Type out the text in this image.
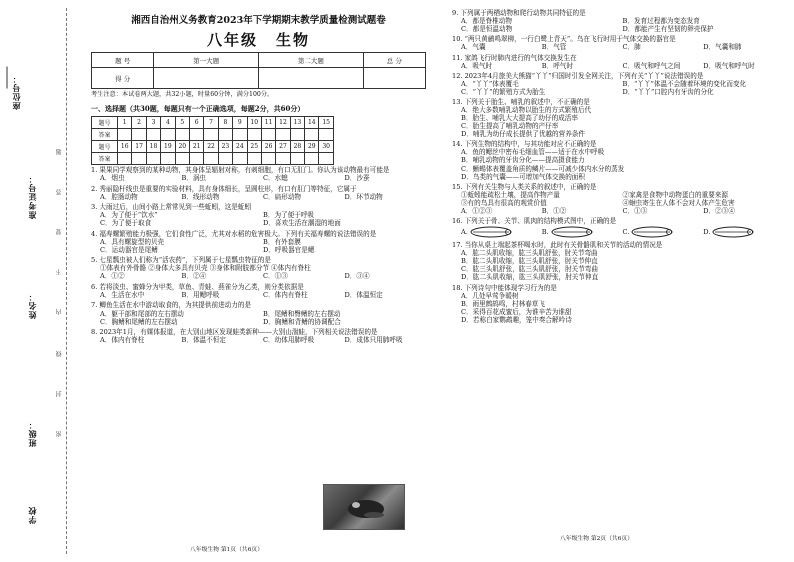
座位号：
准考证号：
姓名：
班级：
学校
题
答
要
不
内
线
封
密
湘西自治州义务教育2023年下学期期末教学质量检测试题卷
八年级 生物
题 号	第一大题	第二大题	总 分
得 分			
考生注意：本试卷两大题，共32小题，时量60分钟，满分100分。
一、选择题（共30题，每题只有一个正确选项，每题2分，共60分）
题号	1	2	3	4	5	6	7	8	9	10	11	12	13	14	15
答案															
题号	16	17	18	19	20	21	22	23	24	25	26	27	28	29	30
答案															
1. 果果同学观察到的某种动物，其身体呈辐射对称，有刺细胞，有口无肛门。你认为该动物最有可能是
A．烟虫	B．涡虫	C．水螅	D．沙蚕
2. 秀丽隐杆线虫是重要的实验材料，具有身体细长，呈圆柱形，有口有肛门等特征，它属于
A．腔肠动物	B．线形动物	C．扁形动物	D．环节动物
3. 大雨过后，山间小路上常常见到一些蚯蚓，这是蚯蚓
A．为了便于“饮水”	B．为了便于呼吸
C．为了便于取食	D．喜欢生活在潮湿的地面
4. 福寿螺繁殖能力极强，它们食性广泛，尤其对水稻的危害极大。下列有关福寿螺的说法错误的是
A．具有螺旋型的贝壳	B．有外套膜
C．运动器官是尾鳍	D．呼吸器官是鳃
5. 七星瓢虫被人们称为“活农药”，下列属于七星瓢虫特征的是
①体表有外骨骼 ②身体大多具有贝壳 ③身体和附肢都分节 ④体内有脊柱
A．①②	B．②④	C．①③	D．③④
6. 若将淡虫、蜜蜂分为甲类，草鱼、青蛙、燕雀分为乙类，则分类依据是
A．生活在水中	B．用鳃呼吸	C．体内有脊柱	D．体温恒定
7. 鲫鱼生活在水中游动取食的，为其提供前进动力的是
A．躯干部和尾部的左右摆动	B．尾鳍和臀鳍的左右摆动
C．胸鳍和尾鳍的左右摆动	D．胸鳍和背鳍的协调配合
8. 2023年1月，有媒体报道，在大别山地区发现蛙类新种——大别山湍蛙，下列相关说法错误的是
A．体内有脊柱	B．体温不恒定	C．幼体用肺呼吸	D．成体只用肺呼吸
八年级生物 第1页（共6页）
9. 下列属于两栖动物和爬行动物共同特征的是
A．都是脊椎动物	B．发育过程都为变态发育
C．都是恒温动物	D．都能产生有坚韧的卵壳保护
10. “两只黄鹂鸣翠柳，一行白鹭上青天”。鸟在飞行时用于气体交换的器官是
A．气囊	B．气管	C．肺	D．气囊和肺
11. 家鸽飞行时肺内进行的气体交换发生在
A．吸气时	B．呼气时	C．吸气和呼气之间	D．吸气和呼气时
12. 2023年4月旅美大熊猫“丫丫”归国时引发全网关注，下列有关“丫丫”说法错误的是
A．“丫丫”体表覆毛	B．“丫丫”体温不会随着环境的变化而变化
C．“丫丫”的繁殖方式为胎生	D．“丫丫”口腔内有牙齿的分化
13. 下列关于胎生、哺乳的叙述中，不正确的是
A．绝大多数哺乳动物以胎生的方式繁殖后代
B．胎生、哺乳大大提高了幼仔的成活率
C．胎生提高了哺乳动物的产仔率
D．哺乳为幼仔成长提供了优越的营养条件
14. 下列生物的结构中，与其功能对应不正确的是
A．鱼的鳃丝中密布毛细血管——适于在水中呼吸
B．哺乳动物的牙齿分化——提高摄食能力
C．蜥蜴体表覆盖角质的鳞片——可减少体内水分的蒸发
D．鸟类的气囊——可增加气体交换的面积
15. 下列有关生物与人类关系的叙述中，正确的是
①蚯蚓能疏松土壤，提高作物产量	②家禽是食物中动物蛋白的重要来源
③有的鸟具有很高的观赏价值	④蛔虫寄生在人体不会对人体产生危害
A．①②③	B．①②	C．①③	D．②③④
16. 下列关于骨、关节、肌肉的结构模式图中，正确的是
A.	B.	C.	D.
17. 当你从桌上端起茶杯喝水时，此时有关骨骼肌和关节的活动的情况是
A．肱二头肌收缩，肱三头肌舒张，肘关节弯曲
B．肱二头肌收缩，肱三头肌舒张，肘关节伸直
C．肱三头肌舒张，肱三头肌舒张，肘关节弯曲
D．肱二头肌收缩，肱三头肌舒张，肘关节伸直
18. 下列诗句中能体现学习行为的是
A．几处早莺争暖树
B．雨里鹧鸪鸣，村林春草飞
C．采得百花成蜜后，为谁辛苦为谁甜
D．若称白家鹦鹉趣，笼中奏合解吟诗
八年级生物 第2页（共6页）
